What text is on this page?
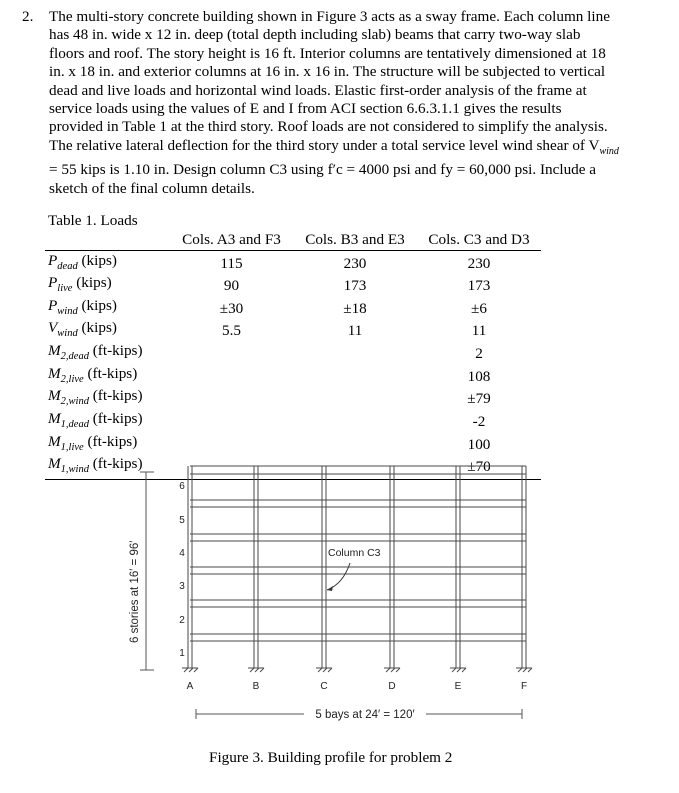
2. The multi-story concrete building shown in Figure 3 acts as a sway frame. Each column line
has 48 in. wide x 12 in. deep (total depth including slab) beams that carry two-way slab
floors and roof. The story height is 16 ft. Interior columns are tentatively dimensioned at 18
in. x 18 in. and exterior columns at 16 in. x 16 in. The structure will be subjected to vertical
dead and live loads and horizontal wind loads. Elastic first-order analysis of the frame at
service loads using the values of E and I from ACI section 6.6.3.1.1 gives the results
provided in Table 1 at the third story. Roof loads are not considered to simplify the analysis.
The relative lateral deflection for the third story under a total service level wind shear of $V_{wind}$
= 55 kips is 1.10 in. Design column C3 using f′c = 4000 psi and fy = 60,000 psi. Include a
sketch of the final column details.
Table 1. Loads
	Cols. A3 and F3	Cols. B3 and E3	Cols. C3 and D3
$P_{dead}$ (kips)	115	230	230
$P_{live}$ (kips)	90	173	173
$P_{wind}$ (kips)	±30	±18	±6
$V_{wind}$ (kips)	5.5	11	11
$M_{2,dead}$ (ft-kips)			2
$M_{2,live}$ (ft-kips)			108
$M_{2,wind}$ (ft-kips)			±79
$M_{1,dead}$ (ft-kips)			-2
$M_{1,live}$ (ft-kips)			100
$M_{1,wind}$ (ft-kips)			±70
6 stories at 16′ = 96′
1
2
3
4
5
6
A	B	C	D	E	F
Column C3
5 bays at 24′ = 120′
Figure 3. Building profile for problem 2
